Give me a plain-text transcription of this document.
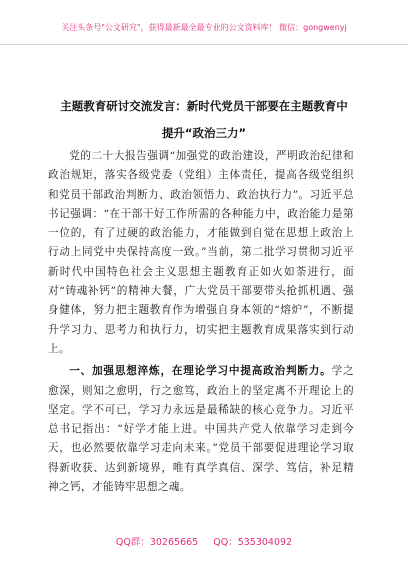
关注头条号"公文研究"，获得最新最全最专业的公文资料库！ 微信：gongwenyj
主题教育研讨交流发言：新时代党员干部要在主题教育中
提升“政治三力”

党的二十大报告强调“加强党的政治建设，严明政治纪律和政治规矩，落实各级党委（党组）主体责任，提高各级党组织和党员干部政治判断力、政治领悟力、政治执行力”。习近平总书记强调：“在干部干好工作所需的各种能力中，政治能力是第一位的，有了过硬的政治能力，才能做到自觉在思想上政治上行动上同党中央保持高度一致。”当前，第二批学习贯彻习近平新时代中国特色社会主义思想主题教育正如火如荼进行，面对“铸魂补钙”的精神大餐，广大党员干部要带头抢抓机遇、强身健体，努力把主题教育作为增强自身本领的“熔炉”，不断提升学习力、思考力和执行力，切实把主题教育成果落实到行动上。

一、加强思想淬炼，在理论学习中提高政治判断力。学之愈深，则知之愈明，行之愈笃，政治上的坚定离不开理论上的坚定。学不可已，学习力永远是最稀缺的核心竞争力。习近平总书记指出：“好学才能上进。中国共产党人依靠学习走到今天，也必然要依靠学习走向未来。”党员干部要促进理论学习取得新收获、达到新境界，唯有真学真信、深学、笃信，补足精神之钙，才能铸牢思想之魂。

QQ群：30265665 QQ：535304092
